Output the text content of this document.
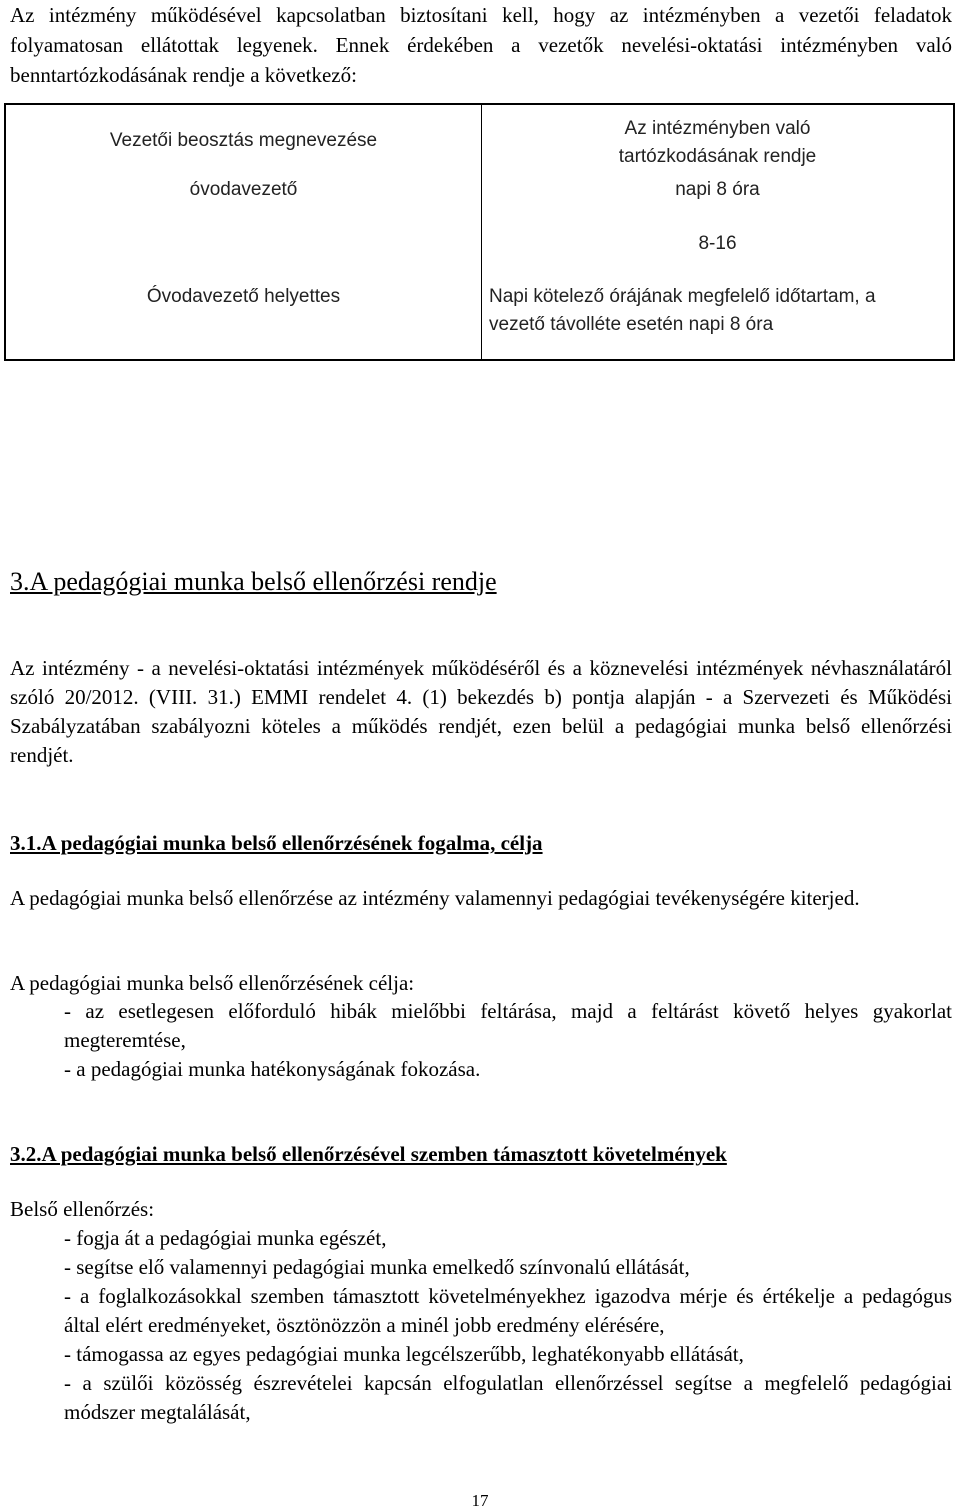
Az intézmény működésével kapcsolatban biztosítani kell, hogy az intézményben a vezetői feladatok folyamatosan ellátottak legyenek. Ennek érdekében a vezetők nevelési-oktatási intézményben való benntartózkodásának rendje a következő:

Vezetői beosztás megnevezése
Az intézményben való
tartózkodásának rendje
óvodavezető	napi 8 óra
8-16
Óvodavezető helyettes	Napi kötelező órájának megfelelő időtartam, a
vezető távolléte esetén napi 8 óra
3.A pedagógiai munka belső ellenőrzési rendje

Az intézmény - a nevelési-oktatási intézmények működéséről és a köznevelési intézmények névhasználatáról szóló 20/2012. (VIII. 31.) EMMI rendelet 4. (1) bekezdés b) pontja alapján - a Szervezeti és Működési Szabályzatában szabályozni köteles a működés rendjét, ezen belül a pedagógiai munka belső ellenőrzési rendjét.

3.1.A pedagógiai munka belső ellenőrzésének fogalma, célja

A pedagógiai munka belső ellenőrzése az intézmény valamennyi pedagógiai tevékenységére kiterjed.

A pedagógiai munka belső ellenőrzésének célja:

- az esetlegesen előforduló hibák mielőbbi feltárása, majd a feltárást követő helyes gyakorlat megteremtése,
- a pedagógiai munka hatékonyságának fokozása.
3.2.A pedagógiai munka belső ellenőrzésével szemben támasztott követelmények

Belső ellenőrzés:

- fogja át a pedagógiai munka egészét,
- segítse elő valamennyi pedagógiai munka emelkedő színvonalú ellátását,
- a foglalkozásokkal szemben támasztott követelményekhez igazodva mérje és értékelje a pedagógus által elért eredményeket, ösztönözzön a minél jobb eredmény elérésére,
- támogassa az egyes pedagógiai munka legcélszerűbb, leghatékonyabb ellátását,
- a szülői közösség észrevételei kapcsán elfogulatlan ellenőrzéssel segítse a megfelelő pedagógiai módszer megtalálását,
17
